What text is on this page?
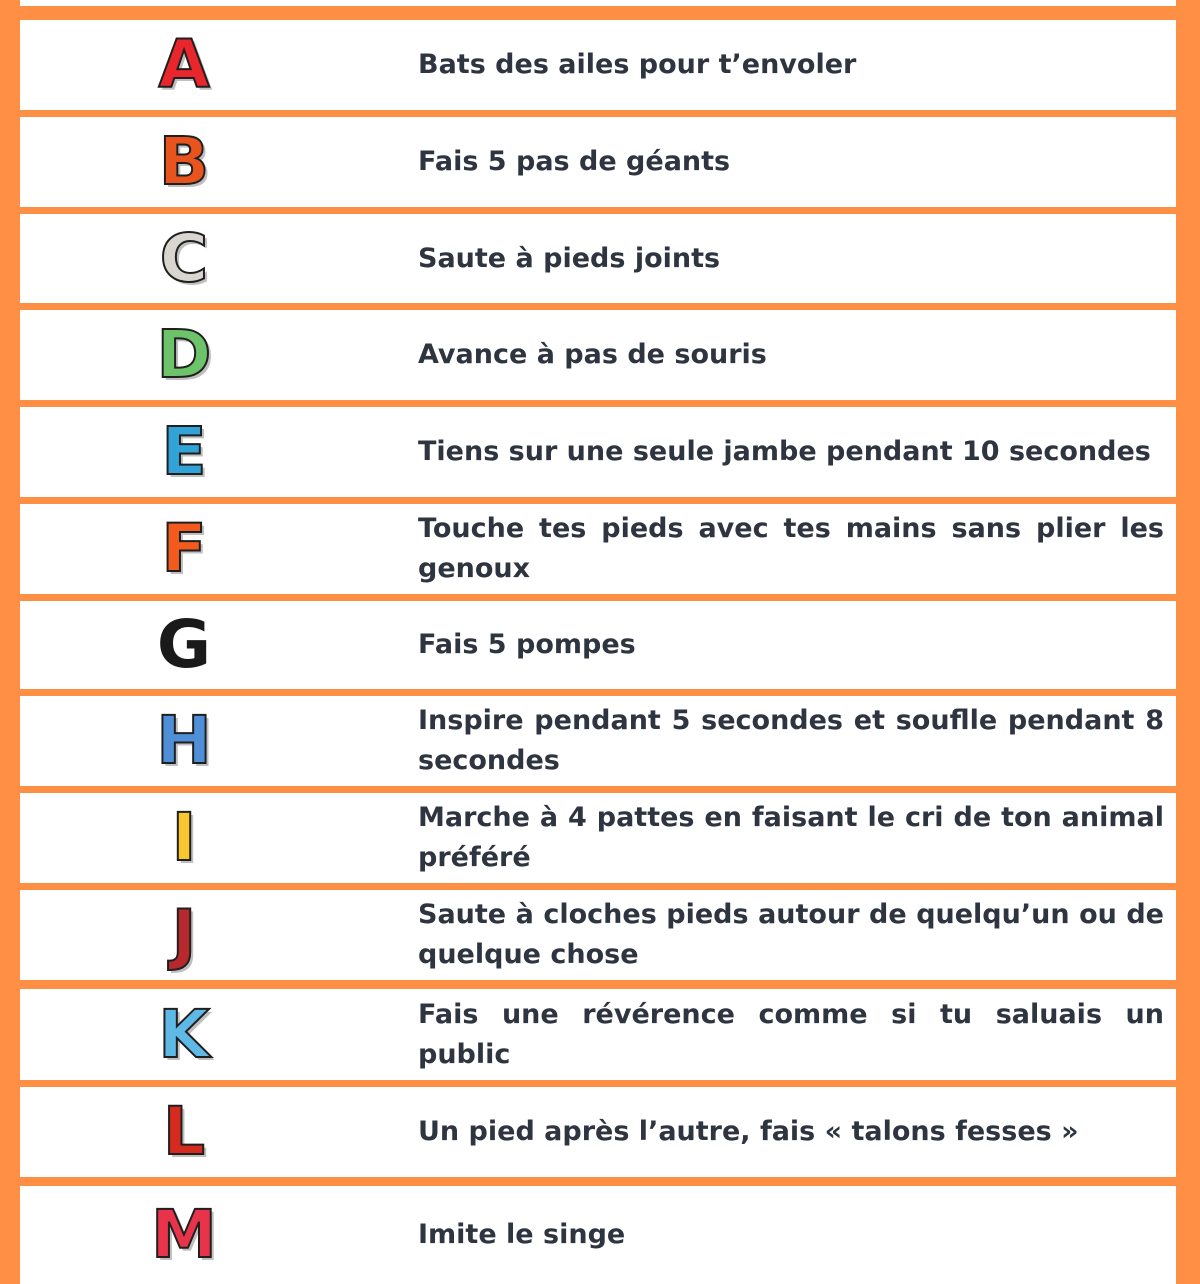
A	Bats des ailes pour t’envoler
B	Fais 5 pas de géants
C	Saute à pieds joints
D	Avance à pas de souris
E	Tiens sur une seule jambe pendant 10 secondes
F	Touche tes pieds avec tes mains sans plier les genoux
G	Fais 5 pompes
H	Inspire pendant 5 secondes et souflle pendant 8 secondes
I	Marche à 4 pattes en faisant le cri de ton animal préféré
J	Saute à cloches pieds autour de quelqu’un ou de quelque chose
K	Fais une révérence comme si tu saluais un public
L	Un pied après l’autre, fais « talons fesses »
M	Imite le singe
